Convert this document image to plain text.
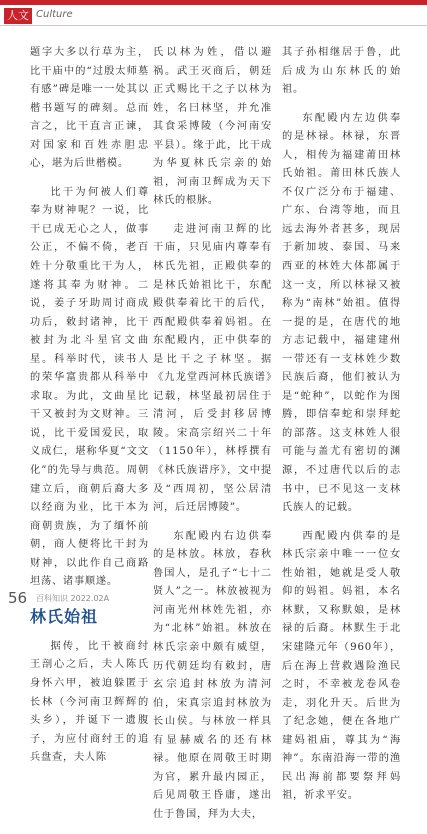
人文 Culture

题字大多以行草为主，比干庙中的“过殷太师墓有感”碑是唯一一处其以楷书题写的碑刻。总而言之，比干直言正谏，对国家和百姓赤胆忠心，堪为后世楷模。

比干为何被人们尊奉为财神呢？一说，比干已成无心之人，做事公正，不偏不倚，老百姓十分敬重比干为人，遂将其奉为财神。二说，姜子牙助周讨商成功后，敕封诸神，比干被封为北斗星官文曲星。科举时代，读书人的荣华富贵都从科举中求取。为此，文曲星比干又被封为文财神。三说，比干爱国爱民，取义成仁，堪称华夏“文文化”的先导与典范。周朝建立后，商朝后裔大多以经商为业，比干本为商朝贵族，为了缅怀前朝，商人便将比干封为财神，以此作自己商路坦荡、诸事顺遂。

林氏始祖

据传，比干被商纣王剖心之后，夫人陈氏身怀六甲，被迫躲匿于长林（今河南卫辉辉的头乡），并诞下一遗腹子，为应付商纣王的追兵盘查，夫人陈

氏以林为姓，借以避祸。武王灭商后，朝廷正式赐比干之子以林为姓，名曰林坚，并允准其食采博陵（今河南安平县）。缘于此，比干成为华夏林氏宗亲的始祖，河南卫辉成为天下林氏的根脉。

走进河南卫辉的比干庙，只见庙内尊奉有林氏先祖，正殿供奉的是林氏始祖比干，东配殿供奉着比干的后代，西配殿供奉着妈祖。在东配殿内，正中供奉的是比干之子林坚。据《九龙堂西河林氏族谱》记载，林坚最初居住于清河，后受封移居博陵。宋高宗绍兴二十年（1150年），林桴撰有《林氏族谱序》，文中提及“西周初，坚公居清河，后迁居博陵”。

东配殿内右边供奉的是林放。林放，春秋鲁国人，是孔子“七十二贤人”之一。林放被视为河南光州林姓先祖，亦为“北林”始祖。林放在林氏宗亲中颇有威望，历代朝廷均有敕封，唐玄宗追封林放为清河伯，宋真宗追封林放为长山侯。与林放一样具有显赫威名的还有林禄。他原在周敬王时期为官，累升最内园正，后见周敬王昏庸，遂出仕于鲁国，拜为大夫，

其子孙相继居于鲁，此后成为山东林氏的始祖。

东配殿内左边供奉的是林禄。林禄，东晋人，相传为福建莆田林氏始祖。莆田林氏族人不仅广泛分布于福建、广东、台湾等地，而且远去海外者甚多，现居于新加坡、泰国、马来西亚的林姓大体都属于这一支，所以林禄又被称为“南林”始祖。值得一提的是，在唐代的地方志记载中，福建建州一带还有一支林姓少数民族后裔，他们被认为是“蛇种”，以蛇作为图腾，即信奉蛇和崇拜蛇的部落。这支林姓人很可能与盖尤有密切的渊源，不过唐代以后的志书中，已不见这一支林氏族人的记载。

西配殿内供奉的是林氏宗亲中唯一一位女性始祖，她就是受人敬仰的妈祖。妈祖，本名林默，又称默娘，是林禄的后裔。林默生于北宋建隆元年（960年），后在海上营救遇险渔民之时，不幸被龙卷风卷走，羽化升天。后世为了纪念她，便在各地广建妈祖庙，尊其为“海神”。东南沿海一带的渔民出海前都要祭拜妈祖，祈求平安。

56 百科知识 2022.02A
